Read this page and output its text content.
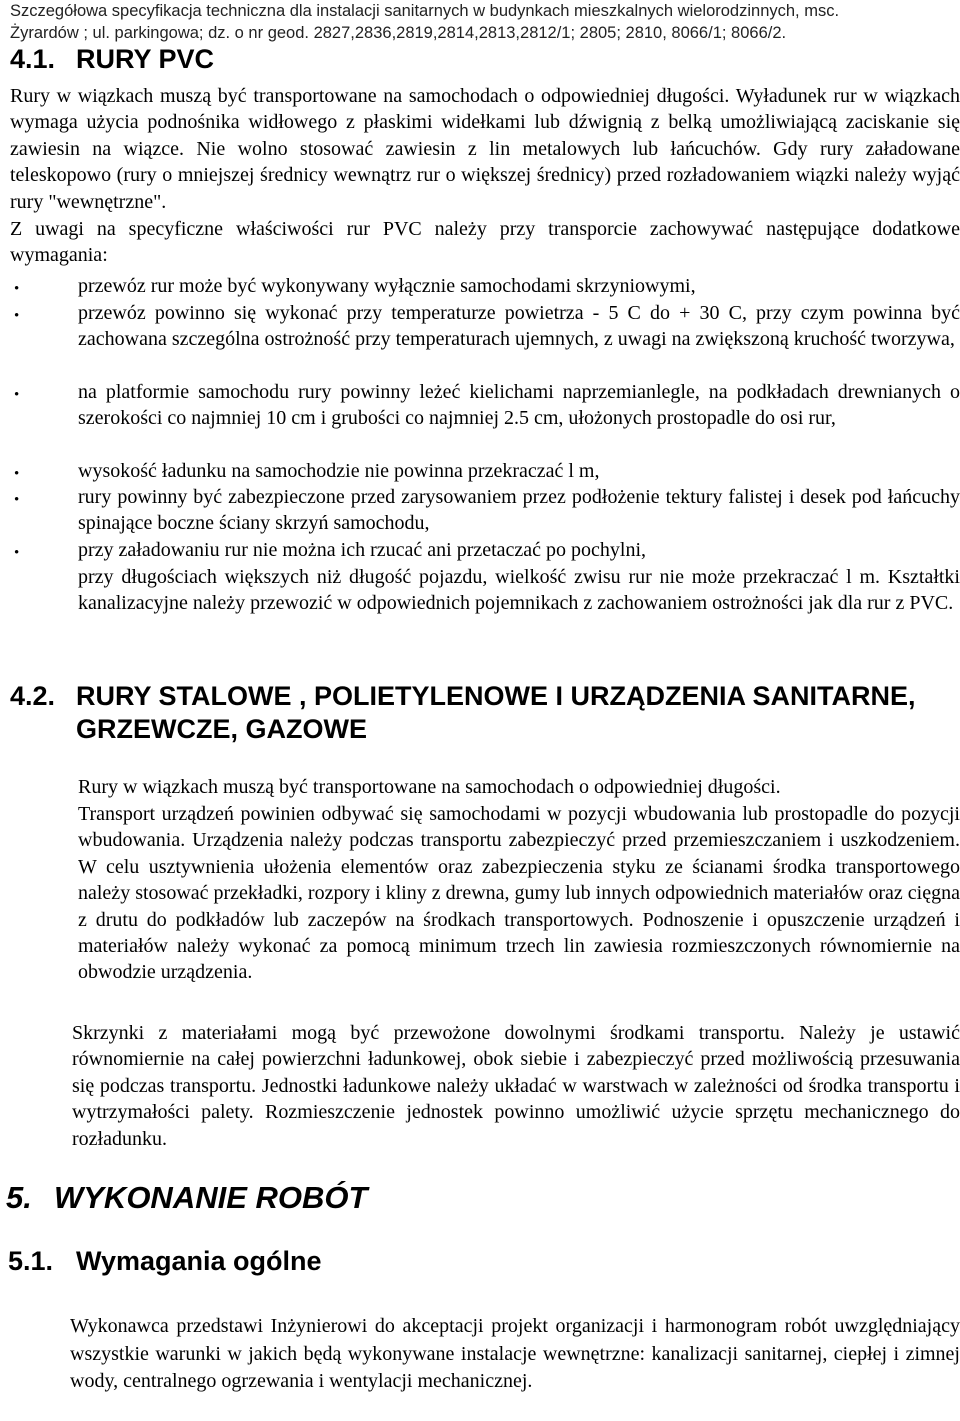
Szczegółowa specyfikacja techniczna dla instalacji sanitarnych w budynkach mieszkalnych wielorodzinnych, msc.
Żyrardów ; ul. parkingowa; dz. o nr geod. 2827,2836,2819,2814,2813,2812/1; 2805; 2810, 8066/1; 8066/2.
4.1. RURY PVC
Rury w wiązkach muszą być transportowane na samochodach o odpowiedniej długości. Wyładunek rur w wiązkach wymaga użycia podnośnika widłowego z płaskimi widełkami lub dźwignią z belką umożliwiającą zaciskanie się zawiesin na wiązce. Nie wolno stosować zawiesin z lin metalowych lub łańcuchów. Gdy rury załadowane teleskopowo (rury o mniejszej średnicy wewnątrz rur o większej średnicy) przed rozładowaniem wiązki należy wyjąć rury "wewnętrzne".
Z uwagi na specyficzne właściwości rur PVC należy przy transporcie zachowywać następujące dodatkowe wymagania:
•	przewóz rur może być wykonywany wyłącznie samochodami skrzyniowymi,
•	przewóz powinno się wykonać przy temperaturze powietrza - 5 C do + 30 C, przy czym powinna być zachowana szczególna ostrożność przy temperaturach ujemnych, z uwagi na zwiększoną kruchość tworzywa,
•	na platformie samochodu rury powinny leżeć kielichami naprzemianlegle, na podkładach drewnianych o szerokości co najmniej 10 cm i grubości co najmniej 2.5 cm, ułożonych prostopadle do osi rur,
•	wysokość ładunku na samochodzie nie powinna przekraczać l m,
•	rury powinny być zabezpieczone przed zarysowaniem przez podłożenie tektury falistej i desek pod łańcuchy spinające boczne ściany skrzyń samochodu,
•	przy załadowaniu rur nie można ich rzucać ani przetaczać po pochylni,
przy długościach większych niż długość pojazdu, wielkość zwisu rur nie może przekraczać l m. Kształtki kanalizacyjne należy przewozić w odpowiednich pojemnikach z zachowaniem ostrożności jak dla rur z PVC.
4.2. RURY STALOWE , POLIETYLENOWE I URZĄDZENIA SANITARNE,
GRZEWCZE, GAZOWE
Rury w wiązkach muszą być transportowane na samochodach o odpowiedniej długości.
Transport urządzeń powinien odbywać się samochodami w pozycji wbudowania lub prostopadle do pozycji wbudowania. Urządzenia należy podczas transportu zabezpieczyć przed przemieszczaniem i uszkodzeniem. W celu usztywnienia ułożenia elementów oraz zabezpieczenia styku ze ścianami środka transportowego należy stosować przekładki, rozpory i kliny z drewna, gumy lub innych odpowiednich materiałów oraz cięgna z drutu do podkładów lub zaczepów na środkach transportowych. Podnoszenie i opuszczenie urządzeń i materiałów należy wykonać za pomocą minimum trzech lin zawiesia rozmieszczonych równomiernie na obwodzie urządzenia.
Skrzynki z materiałami mogą być przewożone dowolnymi środkami transportu. Należy je ustawić równomiernie na całej powierzchni ładunkowej, obok siebie i zabezpieczyć przed możliwością przesuwania się podczas transportu. Jednostki ładunkowe należy układać w warstwach w zależności od środka transportu i wytrzymałości palety. Rozmieszczenie jednostek powinno umożliwić użycie sprzętu mechanicznego do rozładunku.
5. WYKONANIE ROBÓT
5.1. Wymagania ogólne
Wykonawca przedstawi Inżynierowi do akceptacji projekt organizacji i harmonogram robót uwzględniający wszystkie warunki w jakich będą wykonywane instalacje wewnętrzne: kanalizacji sanitarnej, ciepłej i zimnej wody, centralnego ogrzewania i wentylacji mechanicznej.
